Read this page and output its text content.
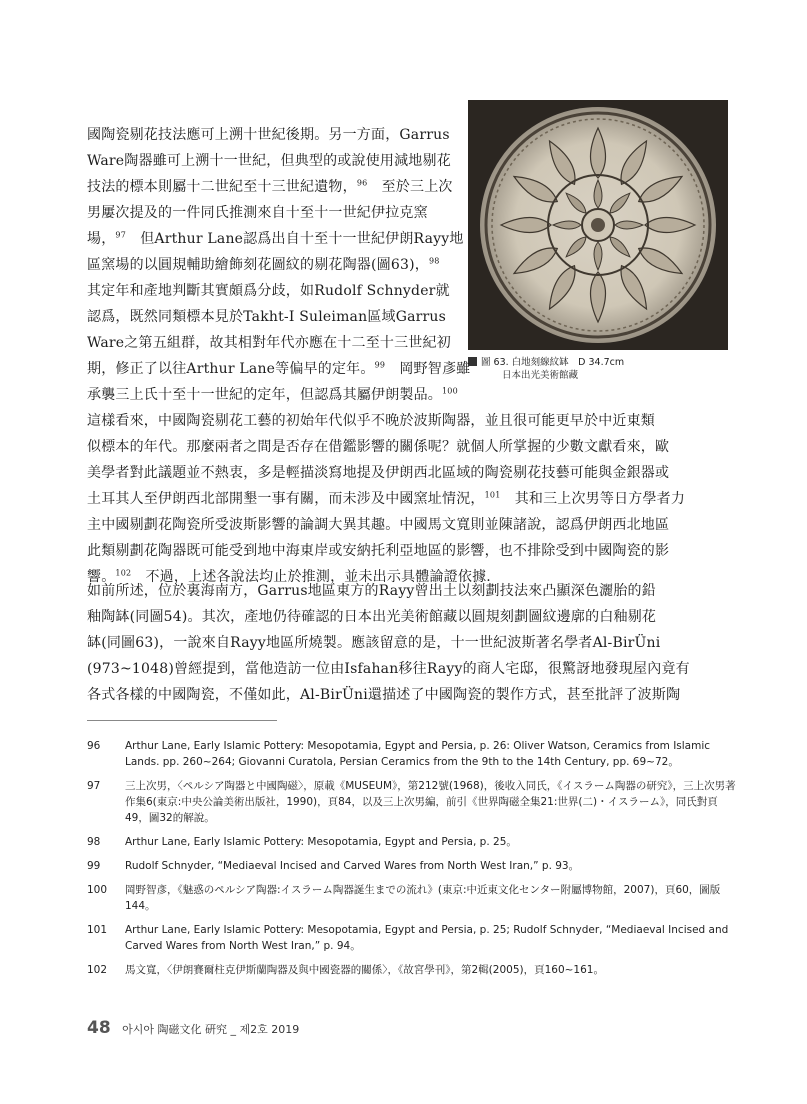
圖 63. 白地刻線紋缽　D 34.7cm
日本出光美術館藏
國陶瓷剔花技法應可上溯十世紀後期。另一方面，Garrus
Ware陶器雖可上溯十一世紀，但典型的或說使用減地剔花
技法的標本則屬十二世紀至十三世紀遺物，$^{96}$　 至於三上次
男屢次提及的一件同氏推測來自十至十一世紀伊拉克窯
場，$^{97}$　 但Arthur Lane認爲出自十至十一世紀伊朗Rayy地
區窯場的以圓規輔助繪飾刻花圖紋的剔花陶器(圖63)，$^{98}$
其定年和產地判斷其實頗爲分歧，如Rudolf Schnyder就
認爲，既然同類標本見於Takht-I Suleiman區域Garrus
Ware之第五組群，故其相對年代亦應在十二至十三世紀初
期，修正了以往Arthur Lane等偏早的定年。$^{99}$　 岡野智彥雖
承襲三上氏十至十一世紀的定年，但認爲其屬伊朗製品。$^{100}$
這樣看來，中國陶瓷剔花工藝的初始年代似乎不晚於波斯陶器，並且很可能更早於中近東類
似標本的年代。那麼兩者之間是否存在借鑑影響的關係呢？就個人所掌握的少數文獻看來，歐
美學者對此議題並不熱衷，多是輕描淡寫地提及伊朗西北區域的陶瓷剔花技藝可能與金銀器或
土耳其人至伊朗西北部開墾一事有關，而未涉及中國窯址情況，$^{101}$　 其和三上次男等日方學者力
主中國剔劃花陶瓷所受波斯影響的論調大異其趣。中國馬文寬則並陳諸說，認爲伊朗西北地區
此類剔劃花陶器既可能受到地中海東岸或安納托利亞地區的影響，也不排除受到中國陶瓷的影
響。$^{102}$　 不過，上述各說法均止於推測，並未出示具體論證依據.
如前所述，位於裏海南方，Garrus地區東方的Rayy曾出土以刻劃技法來凸顯深色灑胎的鉛
釉陶缽(同圖54)。其次，產地仍待確認的日本出光美術館藏以圓規刻劃圖紋邊廓的白釉剔花
缽(同圖63)，一說來自Rayy地區所燒製。應該留意的是，十一世紀波斯著名學者Al-BirÜni
(973~1048)曾經提到，當他造訪一位由Isfahan移往Rayy的商人宅邸，很驚訝地發現屋內竟有
各式各樣的中國陶瓷，不僅如此，Al-BirÜni還描述了中國陶瓷的製作方式，甚至批評了波斯陶
96	Arthur Lane, Early Islamic Pottery: Mesopotamia, Egypt and Persia, p. 26: Oliver Watson, Ceramics from Islamic Lands. pp. 260~264; Giovanni Curatola, Persian Ceramics from the 9th to the 14th Century, pp. 69~72。
97	三上次男，〈ペルシア陶器と中國陶磁〉，原載《MUSEUM》，第212號(1968)，後收入同氏，《イスラーム陶器の研究》，三上次男著作集6(東京:中央公論美術出版社，1990)，頁84，以及三上次男編，前引《世界陶磁全集21:世界(二)・イスラーム》，同氏對頁49，圖32的解說。
98	Arthur Lane, Early Islamic Pottery: Mesopotamia, Egypt and Persia, p. 25。
99	Rudolf Schnyder, “Mediaeval Incised and Carved Wares from North West Iran,” p. 93。
100	岡野智彥，《魅惑のペルシア陶器:イスラーム陶器誕生までの流れ》(東京:中近東文化センター附屬博物館，2007)，頁60，圖版144。
101	Arthur Lane, Early Islamic Pottery: Mesopotamia, Egypt and Persia, p. 25; Rudolf Schnyder, “Mediaeval Incised and Carved Wares from North West Iran,” p. 94。
102	馬文寬，〈伊朗賽爾柱克伊斯蘭陶器及與中國瓷器的關係〉，《故宮學刊》，第2輯(2005)，頁160~161。
48 아시아 陶磁文化 硏究 _ 제2호 2019
